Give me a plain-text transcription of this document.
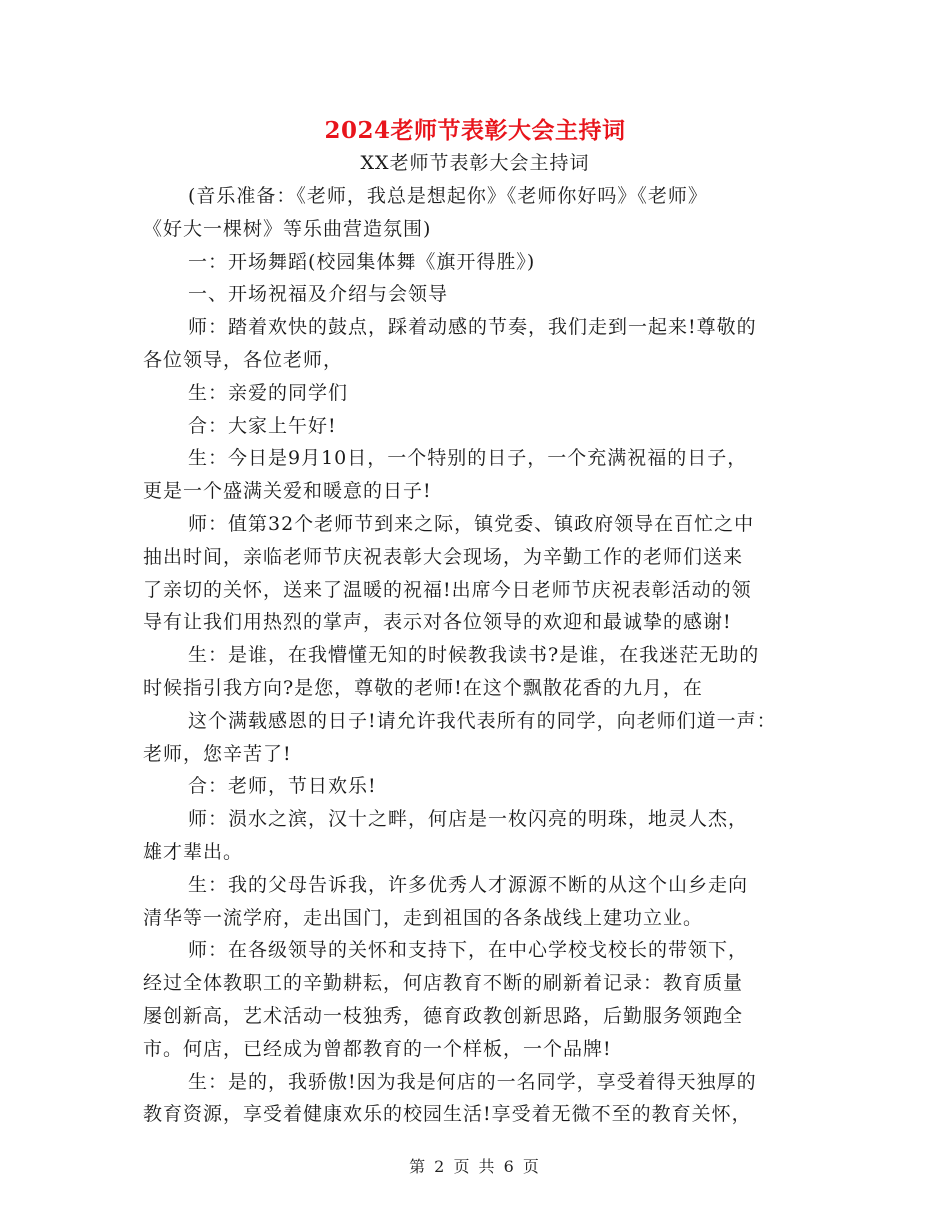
2024老师节表彰大会主持词
XX老师节表彰大会主持词
(音乐准备：《老师，我总是想起你》《老师你好吗》《老师》
《好大一棵树》等乐曲营造氛围)
一：开场舞蹈(校园集体舞《旗开得胜》)
一、开场祝福及介绍与会领导
师：踏着欢快的鼓点，踩着动感的节奏，我们走到一起来!尊敬的
各位领导，各位老师，
生：亲爱的同学们
合：大家上午好!
生：今日是9月10日，一个特别的日子，一个充满祝福的日子，
更是一个盛满关爱和暖意的日子!
师：值第32个老师节到来之际，镇党委、镇政府领导在百忙之中
抽出时间，亲临老师节庆祝表彰大会现场，为辛勤工作的老师们送来
了亲切的关怀，送来了温暖的祝福!出席今日老师节庆祝表彰活动的领
导有让我们用热烈的掌声，表示对各位领导的欢迎和最诚挚的感谢!
生：是谁，在我懵懂无知的时候教我读书?是谁，在我迷茫无助的
时候指引我方向?是您，尊敬的老师!在这个飘散花香的九月，在
这个满载感恩的日子!请允许我代表所有的同学，向老师们道一声：
老师，您辛苦了!
合：老师，节日欢乐!
师：涢水之滨，汉十之畔，何店是一枚闪亮的明珠，地灵人杰，
雄才辈出。
生：我的父母告诉我，许多优秀人才源源不断的从这个山乡走向
清华等一流学府，走出国门，走到祖国的各条战线上建功立业。
师：在各级领导的关怀和支持下，在中心学校戈校长的带领下，
经过全体教职工的辛勤耕耘，何店教育不断的刷新着记录：教育质量
屡创新高，艺术活动一枝独秀，德育政教创新思路，后勤服务领跑全
市。何店，已经成为曾都教育的一个样板，一个品牌!
生：是的，我骄傲!因为我是何店的一名同学，享受着得天独厚的
教育资源，享受着健康欢乐的校园生活!享受着无微不至的教育关怀，
第 2 页 共 6 页
